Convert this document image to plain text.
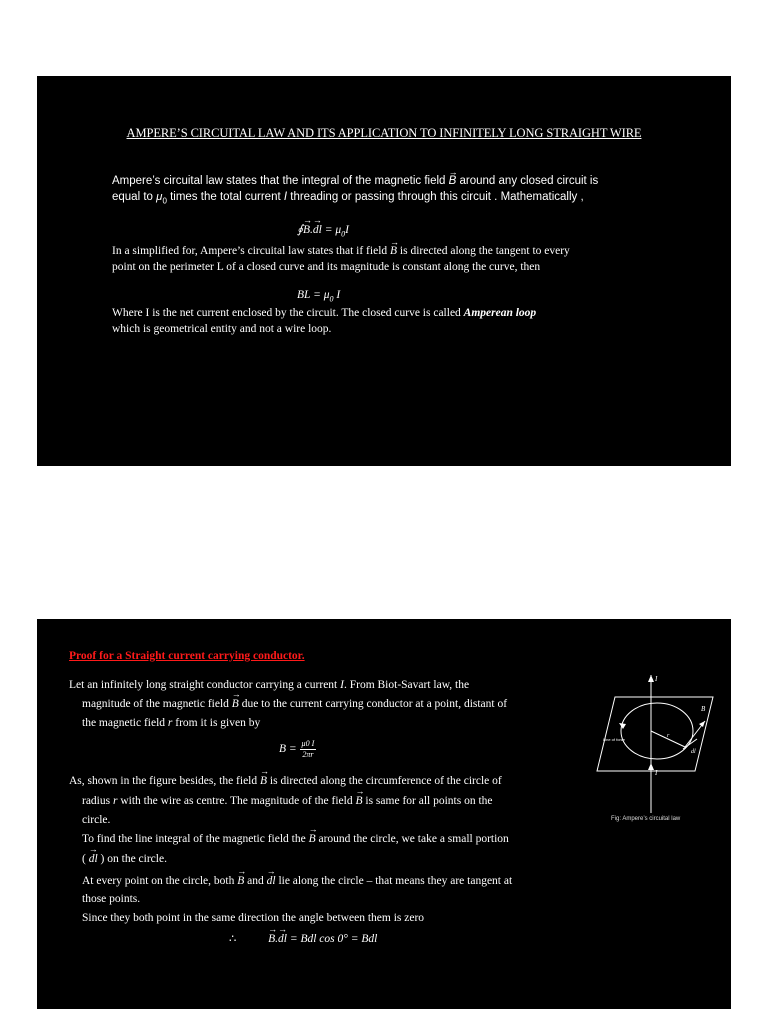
AMPERE’S CIRCUITAL LAW AND ITS APPLICATION TO INFINITELY LONG STRAIGHT WIRE
Ampere’s circuital law states that the integral of the magnetic field → B around any closed circuit is
equal to $\mu_0$ times the total current I threading or passing through this circuit . Mathematically ,
∮→ B.→ dl = $\mu_0I$
In a simplified for, Ampere’s circuital law states that if field → B is directed along the tangent to every
point on the perimeter L of a closed curve and its magnitude is constant along the curve, then
BL = $\mu_0$ I
Where I is the net current enclosed by the circuit. The closed curve is called Amperean loop
which is geometrical entity and not a wire loop.
Proof for a Straight current carrying conductor.
Let an infinitely long straight conductor carrying a current I. From Biot-Savart law, the
magnitude of the magnetic field → B due to the current carrying conductor at a point, distant of
the magnetic field r from it is given by
$B = \frac{\mu 0 I}{2\pi r}$
As, shown in the figure besides, the field → B is directed along the circumference of the circle of
radius r with the wire as centre. The magnitude of the field → B is same for all points on the
circle.
To find the line integral of the magnetic field the → B around the circle, we take a small portion
( → dl ) on the circle.
At every point on the circle, both → B and → dl lie along the circle – that means they are tangent at
those points.
Since they both point in the same direction the angle between them is zero
∴  →	B.→ dl = Bdl cos 0° = Bdl
I
I
B
dl
r
Line of force
Fig: Ampere’s circuital law
